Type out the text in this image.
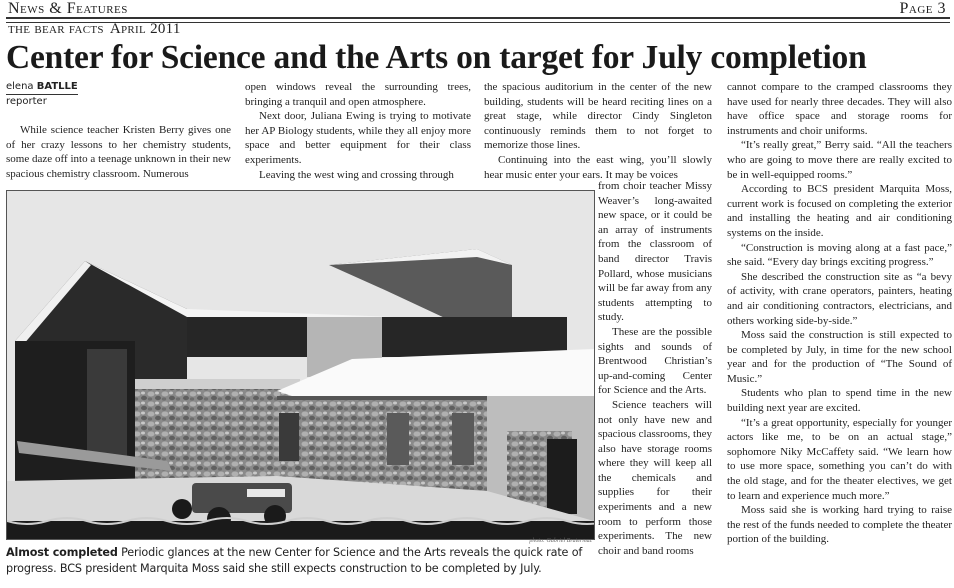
News & Features	Page 3
the bear facts April 2011
Center for Science and the Arts on target for July completion
elena BATLLE
reporter

While science teacher Kristen Berry gives one of her crazy lessons to her chemistry students, some daze off into a teenage unknown in their new spacious chemistry classroom. Numerous

open windows reveal the surrounding trees, bringing a tranquil and open atmosphere.

Next door, Juliana Ewing is trying to motivate her AP Biology students, while they all enjoy more space and better equipment for their class experiments.

Leaving the west wing and crossing through

the spacious auditorium in the center of the new building, students will be heard reciting lines on a great stage, while director Cindy Singleton continuously reminds them to not forget to memorize those lines.

Continuing into the east wing, you’ll slowly hear music enter your ears. It may be voices

from choir teacher Missy Weaver’s long-awaited new space, or it could be an array of instruments from the classroom of band director Travis Pollard, whose musicians will be far away from any students attempting to study.

These are the possible sights and sounds of Brentwood Christian’s up-and-coming Center for Science and the Arts.

Science teachers will not only have new and spacious classrooms, they also have storage rooms where they will keep all the chemicals and supplies for their experiments and a new room to perform those experiments. The new choir and band rooms

cannot compare to the cramped classrooms they have used for nearly three decades. They will also have office space and storage rooms for instruments and choir uniforms.

“It’s really great,” Berry said. “All the teachers who are going to move there are really excited to be in well-equipped rooms.”

According to BCS president Marquita Moss, current work is focused on completing the exterior and installing the heating and air conditioning systems on the inside.

“Construction is moving along at a fast pace,” she said. “Every day brings exciting progress.”

She described the construction site as “a bevy of activity, with crane operators, painters, heating and air conditioning contractors, electricians, and others working side-by-side.”

Moss said the construction is still expected to be completed by July, in time for the new school year and for the production of “The Sound of Music.”

Students who plan to spend time in the new building next year are excited.

“It’s a great opportunity, especially for younger actors like me, to be on an actual stage,” sophomore Niky McCaffety said. “We learn how to use more space, something you can’t do with the old stage, and for the theater electives, we get to learn and experience much more.”

Moss said she is working hard trying to raise the rest of the funds needed to complete the theater portion of the building.

photo: Gabriel Bratermaz
Almost completed Periodic glances at the new Center for Science and the Arts reveals the quick rate of progress. BCS president Marquita Moss said she still expects construction to be completed by July.
